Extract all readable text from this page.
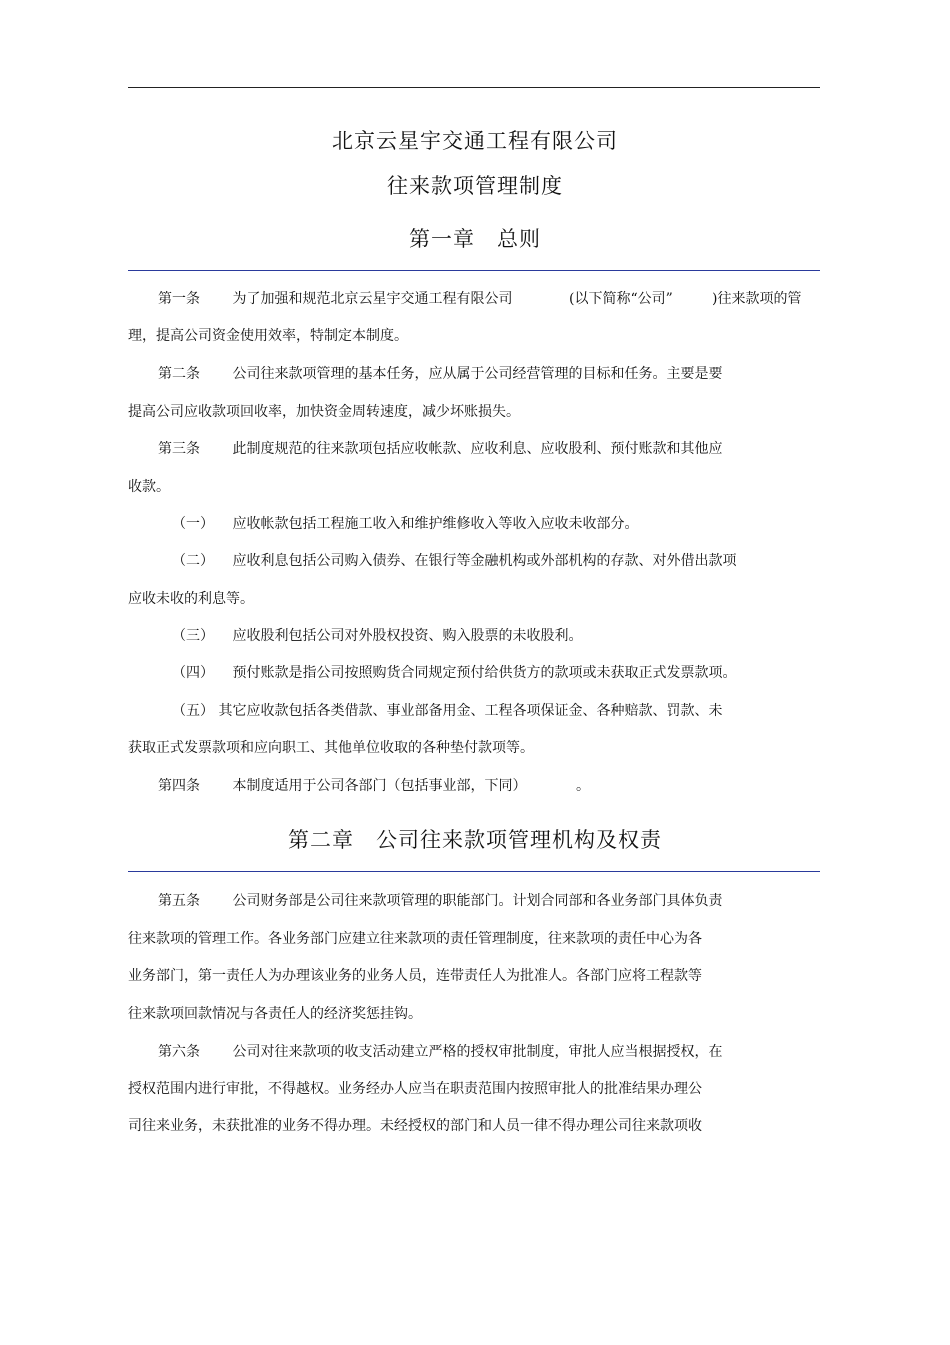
北京云星宇交通工程有限公司
往来款项管理制度
第一章　总则
第一条 为了加强和规范北京云星宇交通工程有限公司	(以下简称“公司”	)往来款项的管
理，提高公司资金使用效率，特制定本制度。
第二条 公司往来款项管理的基本任务，应从属于公司经营管理的目标和任务。主要是要
提高公司应收款项回收率，加快资金周转速度，减少坏账损失。
第三条 此制度规范的往来款项包括应收帐款、应收利息、应收股利、预付账款和其他应
收款。
（一） 应收帐款包括工程施工收入和维护维修收入等收入应收未收部分。
（二） 应收利息包括公司购入债券、在银行等金融机构或外部机构的存款、对外借出款项
应收未收的利息等。
（三） 应收股利包括公司对外股权投资、购入股票的未收股利。
（四） 预付账款是指公司按照购货合同规定预付给供货方的款项或未获取正式发票款项。
（五） 其它应收款包括各类借款、事业部备用金、工程各项保证金、各种赔款、罚款、未
获取正式发票款项和应向职工、其他单位收取的各种垫付款项等。
第四条 本制度适用于公司各部门（包括事业部，下同）	。
第二章　公司往来款项管理机构及权责
第五条 公司财务部是公司往来款项管理的职能部门。计划合同部和各业务部门具体负责
往来款项的管理工作。各业务部门应建立往来款项的责任管理制度，往来款项的责任中心为各
业务部门，第一责任人为办理该业务的业务人员，连带责任人为批准人。各部门应将工程款等
往来款项回款情况与各责任人的经济奖惩挂钩。
第六条 公司对往来款项的收支活动建立严格的授权审批制度，审批人应当根据授权，在
授权范围内进行审批，不得越权。业务经办人应当在职责范围内按照审批人的批准结果办理公
司往来业务，未获批准的业务不得办理。未经授权的部门和人员一律不得办理公司往来款项收
